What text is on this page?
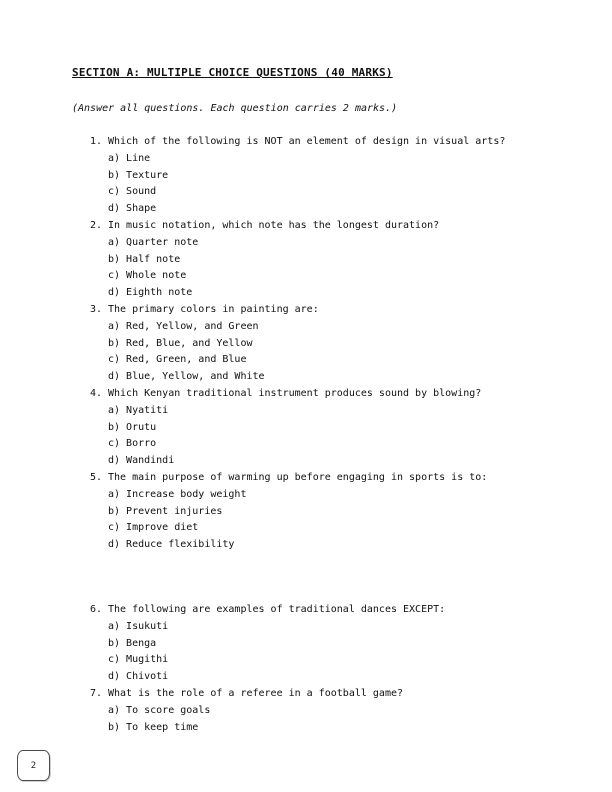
SECTION A: MULTIPLE CHOICE QUESTIONS (40 MARKS)

(Answer all questions. Each question carries 2 marks.)

1. Which of the following is NOT an element of design in visual arts?
a) Line
b) Texture
c) Sound
d) Shape
2. In music notation, which note has the longest duration?
a) Quarter note
b) Half note
c) Whole note
d) Eighth note
3. The primary colors in painting are:
a) Red, Yellow, and Green
b) Red, Blue, and Yellow
c) Red, Green, and Blue
d) Blue, Yellow, and White
4. Which Kenyan traditional instrument produces sound by blowing?
a) Nyatiti
b) Orutu
c) Borro
d) Wandindi
5. The main purpose of warming up before engaging in sports is to:
a) Increase body weight
b) Prevent injuries
c) Improve diet
d) Reduce flexibility
6. The following are examples of traditional dances EXCEPT:
a) Isukuti
b) Benga
c) Mugithi
d) Chivoti
7. What is the role of a referee in a football game?
a) To score goals
b) To keep time
2
